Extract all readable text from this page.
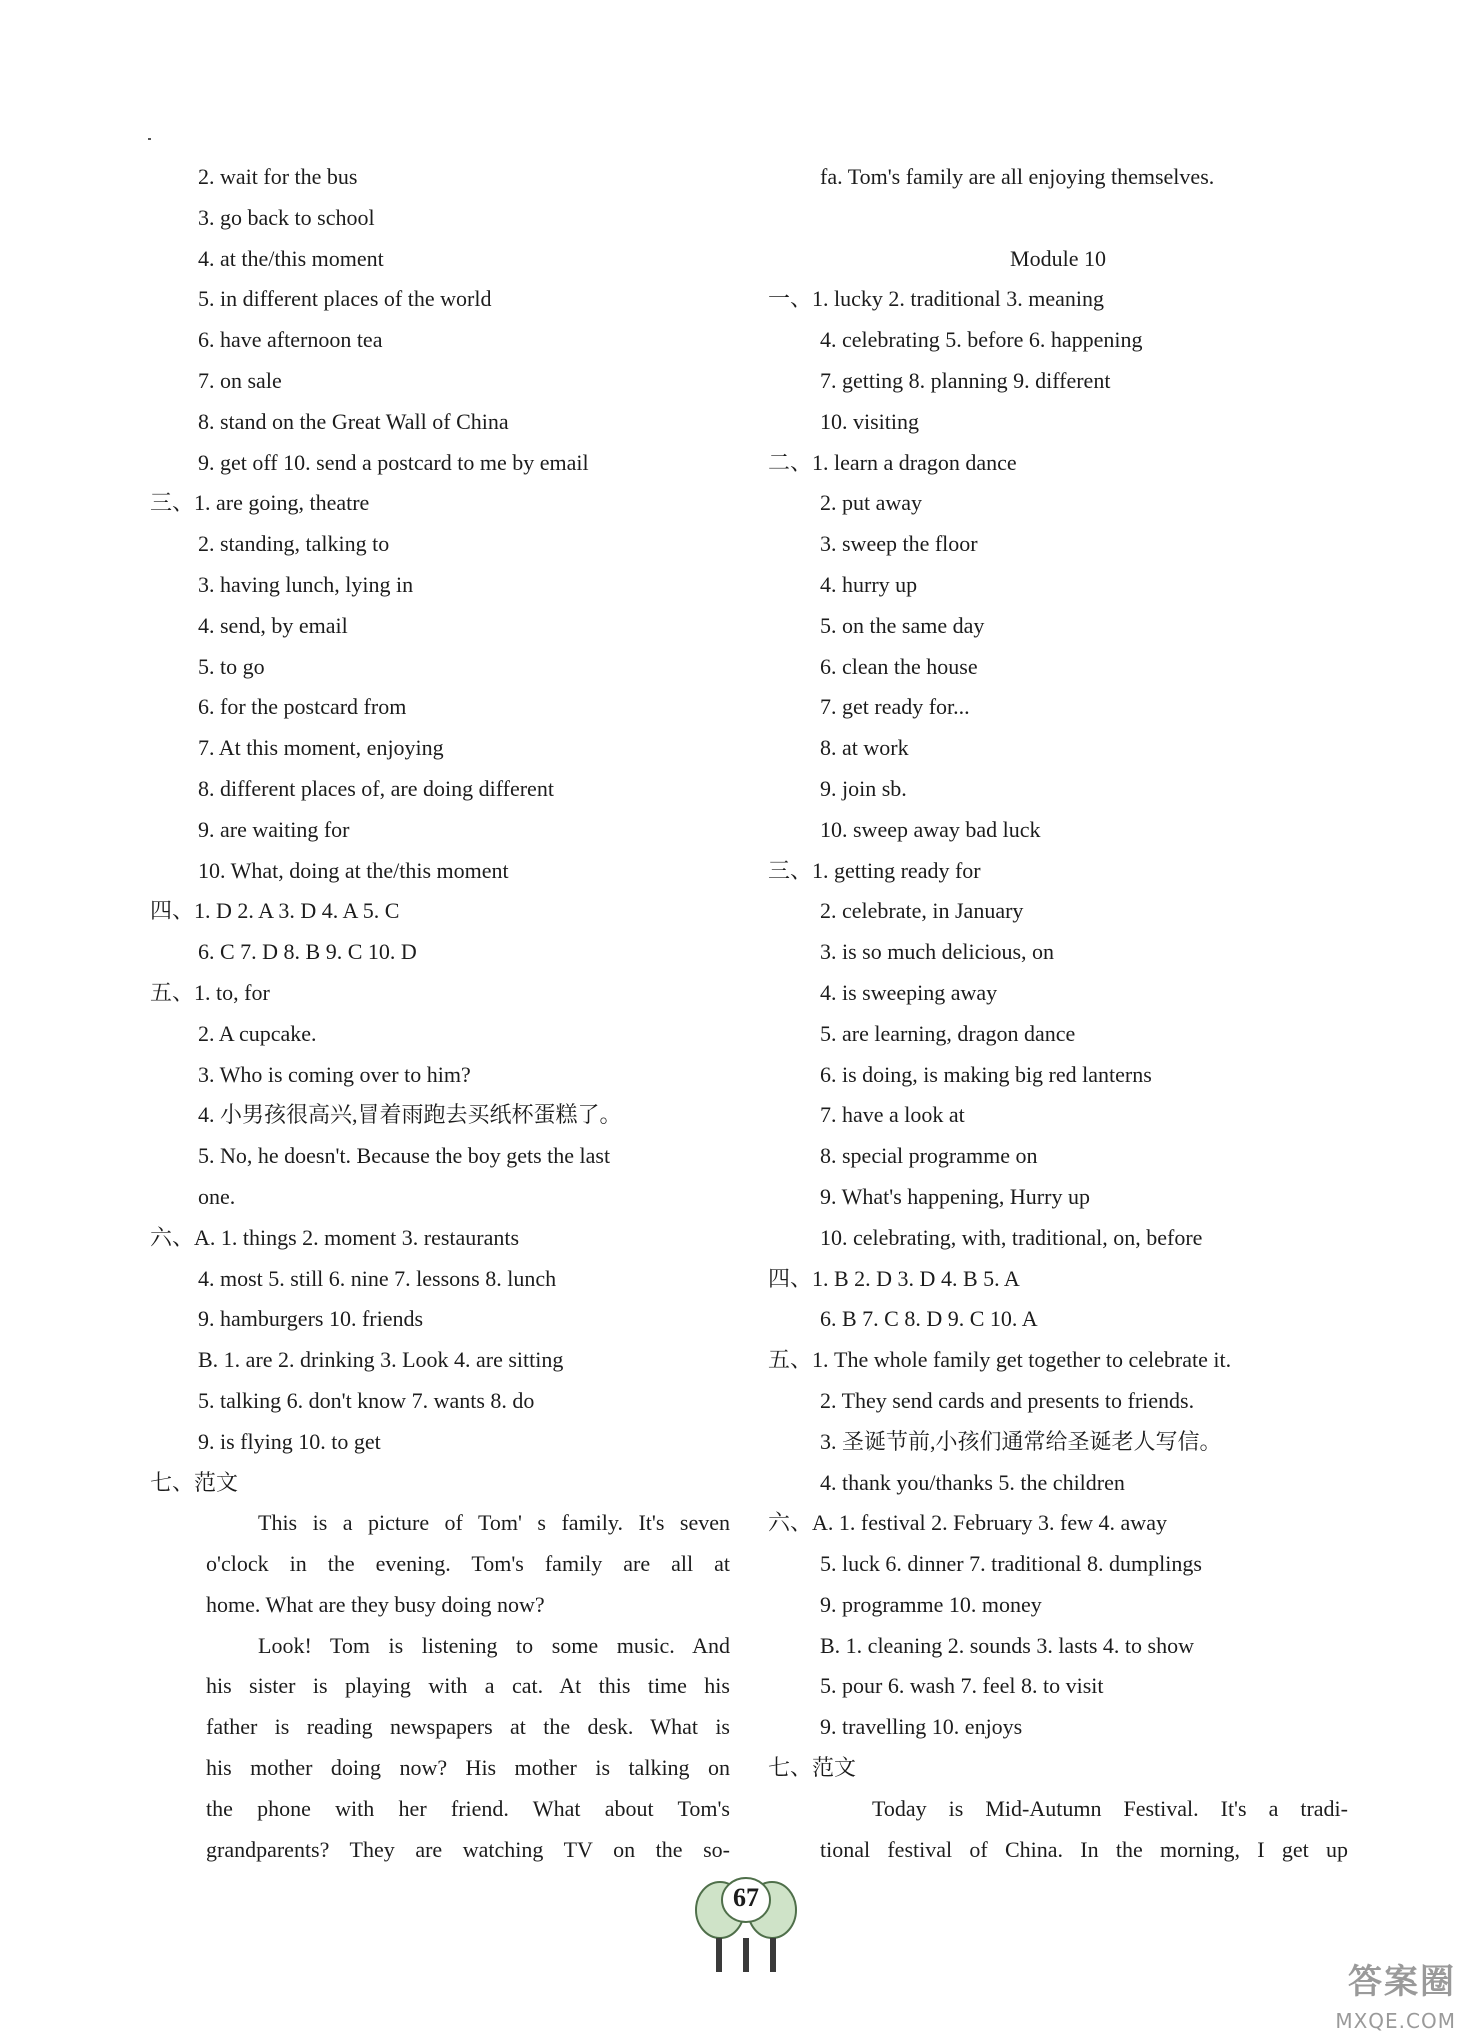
2. wait for the bus
3. go back to school
4. at the/this moment
5. in different places of the world
6. have afternoon tea
7. on sale
8. stand on the Great Wall of China
9. get off 10. send a postcard to me by email
三、1. are going, theatre
2. standing, talking to
3. having lunch, lying in
4. send, by email
5. to go
6. for the postcard from
7. At this moment, enjoying
8. different places of, are doing different
9. are waiting for
10. What, doing at the/this moment
四、1. D 2. A 3. D 4. A 5. C
6. C 7. D 8. B 9. C 10. D
五、1. to, for
2. A cupcake.
3. Who is coming over to him?
4. 小男孩很高兴,冒着雨跑去买纸杯蛋糕了。
5. No, he doesn't. Because the boy gets the last
one.
六、A. 1. things 2. moment 3. restaurants
4. most 5. still 6. nine 7. lessons 8. lunch
9. hamburgers 10. friends
B. 1. are 2. drinking 3. Look 4. are sitting
5. talking 6. don't know 7. wants 8. do
9. is flying 10. to get
七、范文
This is a picture of Tom' s family. It's seven
o'clock in the evening. Tom's family are all at
home. What are they busy doing now?
Look! Tom is listening to some music. And
his sister is playing with a cat. At this time his
father is reading newspapers at the desk. What is
his mother doing now? His mother is talking on
the phone with her friend. What about Tom's
grandparents? They are watching TV on the so-
fa. Tom's family are all enjoying themselves.
Module 10
一、1. lucky 2. traditional 3. meaning
4. celebrating 5. before 6. happening
7. getting 8. planning 9. different
10. visiting
二、1. learn a dragon dance
2. put away
3. sweep the floor
4. hurry up
5. on the same day
6. clean the house
7. get ready for...
8. at work
9. join sb.
10. sweep away bad luck
三、1. getting ready for
2. celebrate, in January
3. is so much delicious, on
4. is sweeping away
5. are learning, dragon dance
6. is doing, is making big red lanterns
7. have a look at
8. special programme on
9. What's happening, Hurry up
10. celebrating, with, traditional, on, before
四、1. B 2. D 3. D 4. B 5. A
6. B 7. C 8. D 9. C 10. A
五、1. The whole family get together to celebrate it.
2. They send cards and presents to friends.
3. 圣诞节前,小孩们通常给圣诞老人写信。
4. thank you/thanks 5. the children
六、A. 1. festival 2. February 3. few 4. away
5. luck 6. dinner 7. traditional 8. dumplings
9. programme 10. money
B. 1. cleaning 2. sounds 3. lasts 4. to show
5. pour 6. wash 7. feel 8. to visit
9. travelling 10. enjoys
七、范文
Today is Mid-Autumn Festival. It's a tradi-
tional festival of China. In the morning, I get up
67
答案圈
MXQE.COM
